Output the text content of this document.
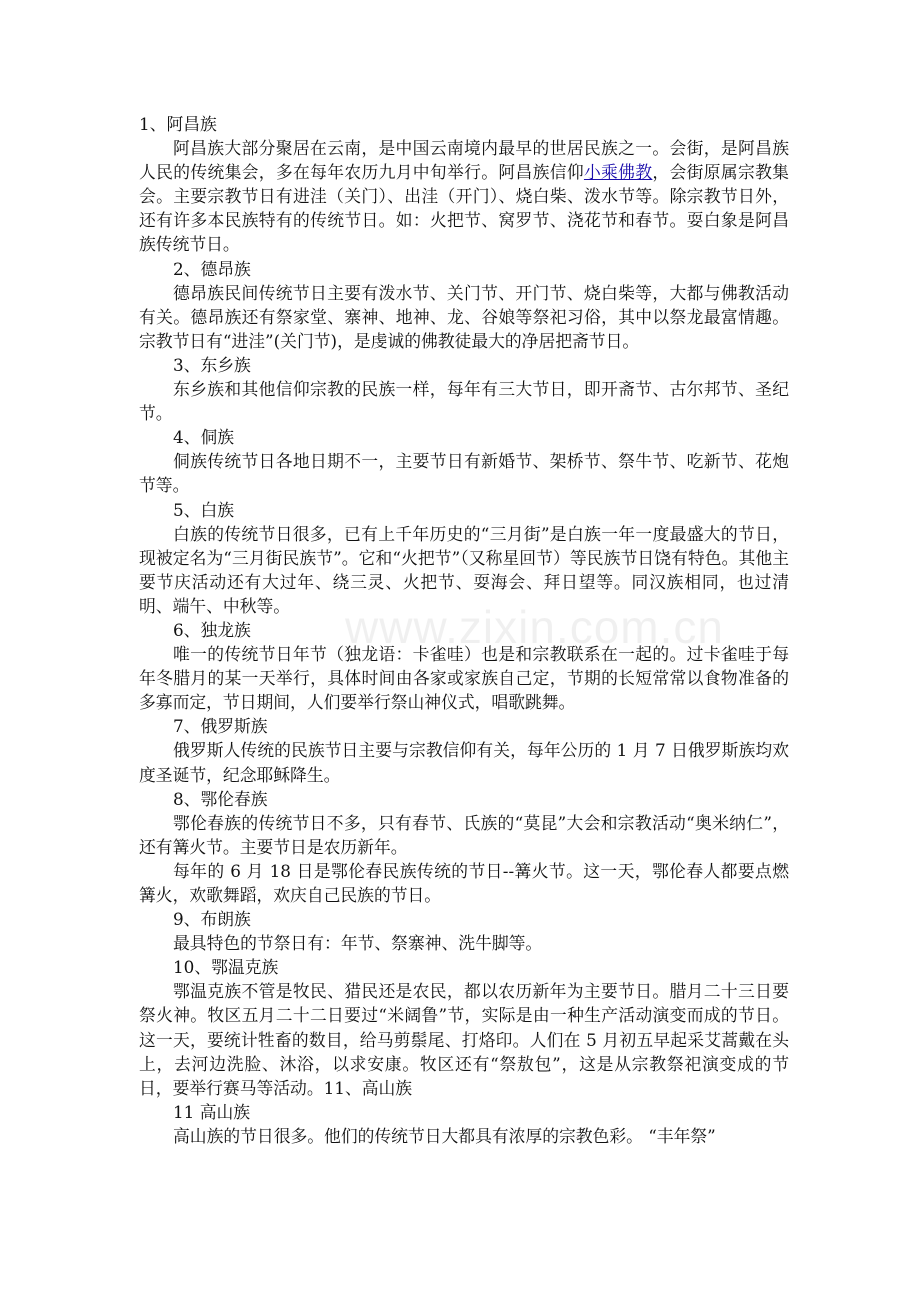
www.zixin.com.cn

1、阿昌族

阿昌族大部分聚居在云南，是中国云南境内最早的世居民族之一。会街，是阿昌族人民的传统集会，多在每年农历九月中旬举行。阿昌族信仰小乘佛教，会街原属宗教集会。主要宗教节日有进洼（关门）、出洼（开门）、烧白柴、泼水节等。除宗教节日外，还有许多本民族特有的传统节日。如：火把节、窝罗节、浇花节和春节。耍白象是阿昌族传统节日。

2、德昂族

德昂族民间传统节日主要有泼水节、关门节、开门节、烧白柴等，大都与佛教活动有关。德昂族还有祭家堂、寨神、地神、龙、谷娘等祭祀习俗，其中以祭龙最富情趣。宗教节日有“进洼”(关门节)，是虔诚的佛教徒最大的净居把斋节日。

3、东乡族

东乡族和其他信仰宗教的民族一样，每年有三大节日，即开斋节、古尔邦节、圣纪节。

4、侗族

侗族传统节日各地日期不一，主要节日有新婚节、架桥节、祭牛节、吃新节、花炮节等。

5、白族

白族的传统节日很多，已有上千年历史的“三月街”是白族一年一度最盛大的节日，现被定名为“三月街民族节”。它和“火把节”（又称星回节）等民族节日饶有特色。其他主要节庆活动还有大过年、绕三灵、火把节、耍海会、拜日望等。同汉族相同，也过清明、端午、中秋等。

6、独龙族

唯一的传统节日年节（独龙语：卡雀哇）也是和宗教联系在一起的。过卡雀哇于每年冬腊月的某一天举行，具体时间由各家或家族自己定，节期的长短常常以食物准备的多寡而定，节日期间，人们要举行祭山神仪式，唱歌跳舞。

7、俄罗斯族

俄罗斯人传统的民族节日主要与宗教信仰有关，每年公历的 1 月 7 日俄罗斯族均欢度圣诞节，纪念耶稣降生。

8、鄂伦春族

鄂伦春族的传统节日不多，只有春节、氏族的“莫昆”大会和宗教活动“奥米纳仁”，还有篝火节。主要节日是农历新年。

每年的 6 月 18 日是鄂伦春民族传统的节日--篝火节。这一天，鄂伦春人都要点燃篝火，欢歌舞蹈，欢庆自己民族的节日。

9、布朗族

最具特色的节祭日有：年节、祭寨神、洗牛脚等。

10、鄂温克族

鄂温克族不管是牧民、猎民还是农民，都以农历新年为主要节日。腊月二十三日要祭火神。牧区五月二十二日要过“米阔鲁”节，实际是由一种生产活动演变而成的节日。这一天，要统计牲畜的数目，给马剪鬃尾、打烙印。人们在 5 月初五早起采艾蒿戴在头上，去河边洗脸、沐浴，以求安康。牧区还有“祭敖包”，这是从宗教祭祀演变成的节日，要举行赛马等活动。11、高山族

11 高山族

高山族的节日很多。他们的传统节日大都具有浓厚的宗教色彩。 “丰年祭”
